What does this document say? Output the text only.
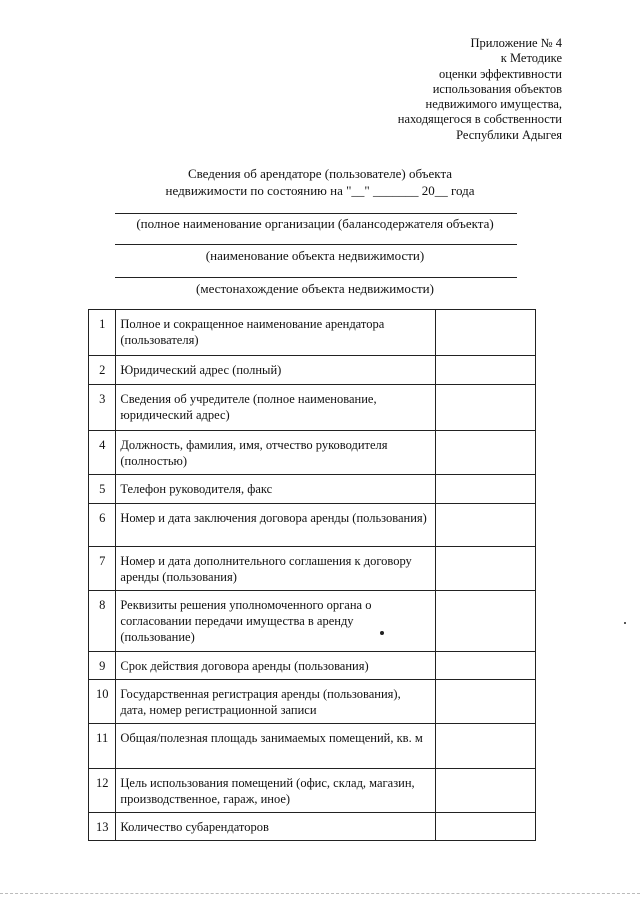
Приложение № 4
к Методике
оценки эффективности
использования объектов
недвижимого имущества,
находящегося в собственности
Республики Адыгея
Сведения об арендаторе (пользователе) объекта
недвижимости по состоянию на "__" _______ 20__ года
(полное наименование организации (балансодержателя объекта)
(наименование объекта недвижимости)
(местонахождение объекта недвижимости)
1	Полное и сокращенное наименование арендатора (пользователя)	
2	Юридический адрес (полный)	
3	Сведения об учредителе (полное наименование, юридический адрес)	
4	Должность, фамилия, имя, отчество руководителя (полностью)	
5	Телефон руководителя, факс	
6	Номер и дата заключения договора аренды (пользования)	
7	Номер и дата дополнительного соглашения к договору аренды (пользования)	
8	Реквизиты решения уполномоченного органа о согласовании передачи имущества в аренду (пользование)	
9	Срок действия договора аренды (пользования)	
10	Государственная регистрация аренды (пользования), дата, номер регистрационной записи	
11	Общая/полезная площадь занимаемых помещений, кв. м	
12	Цель использования помещений (офис, склад, магазин, производственное, гараж, иное)	
13	Количество субарендаторов	
